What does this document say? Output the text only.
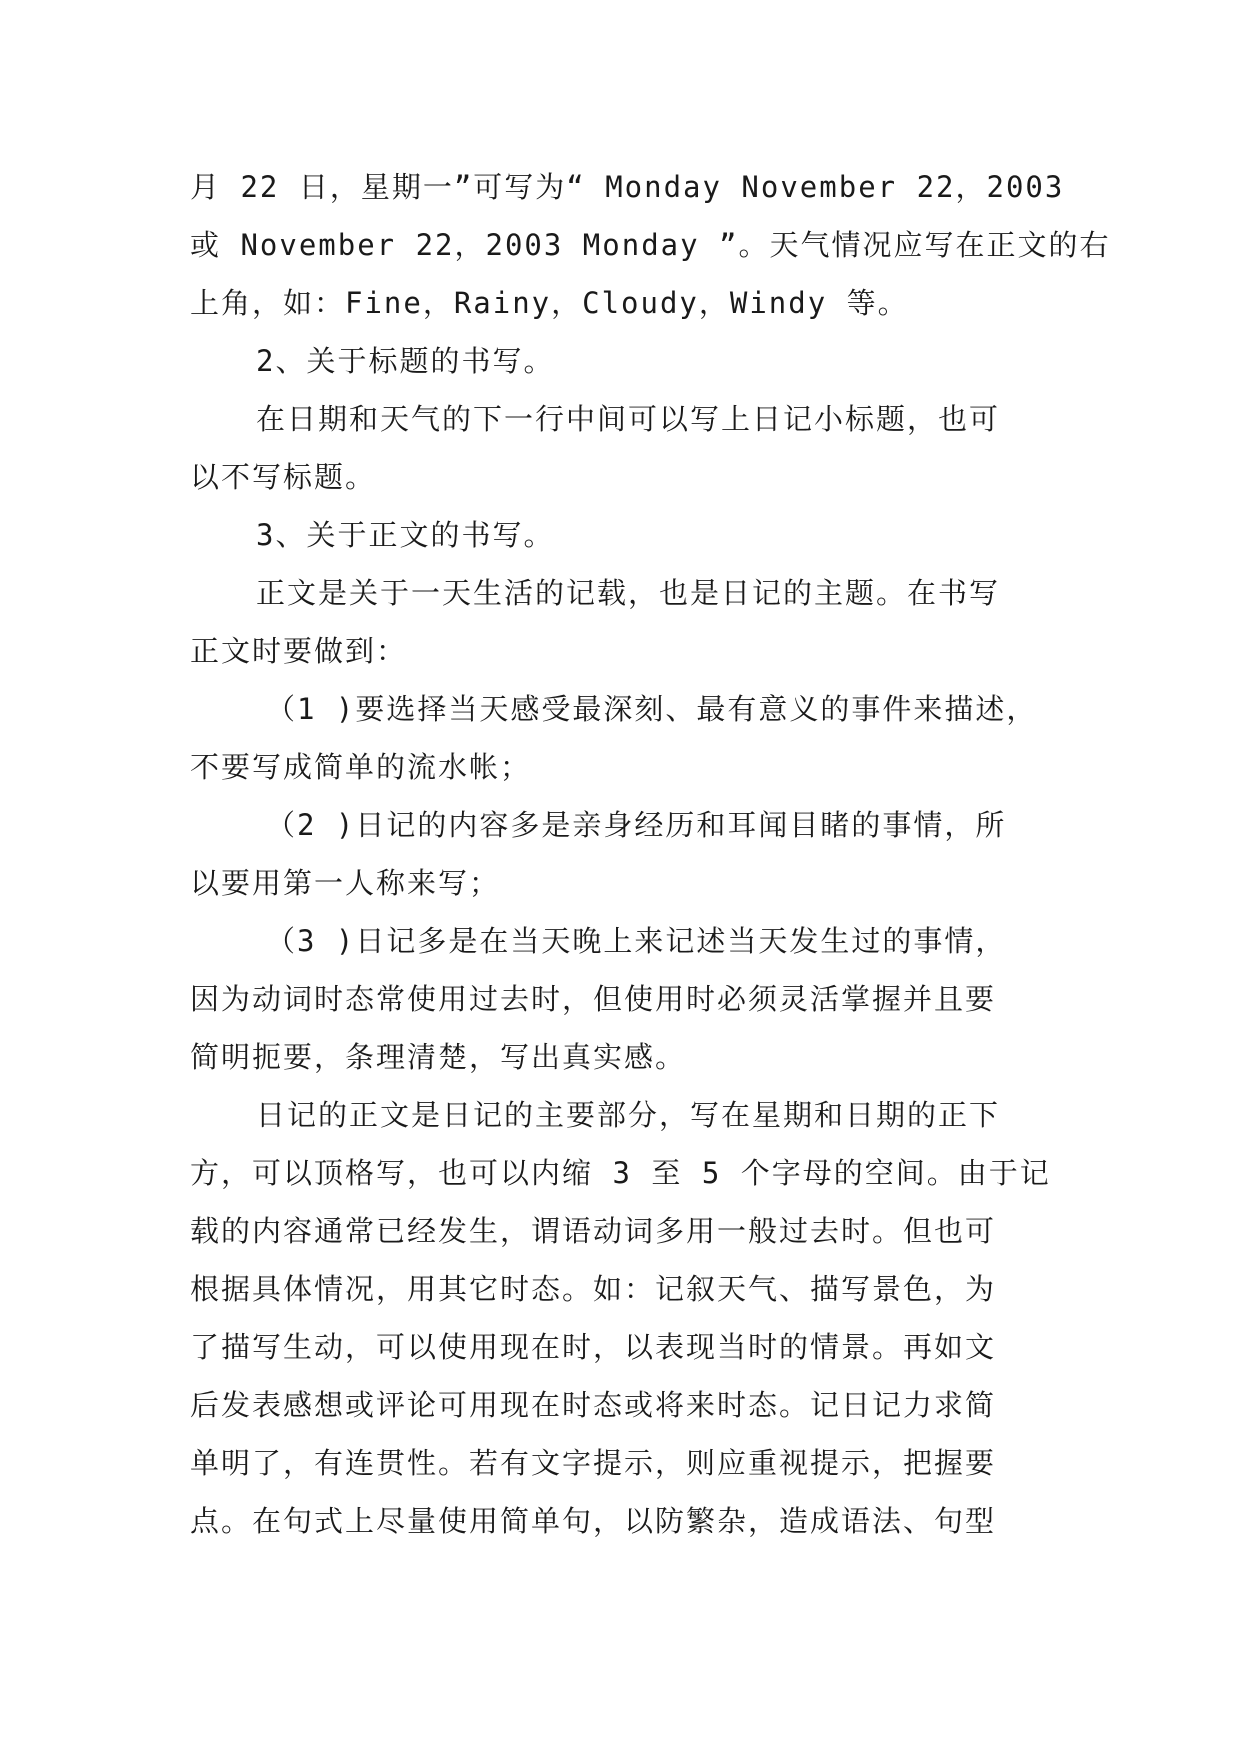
月 22 日，星期一”可写为“ Monday November 22，2003
或 November 22，2003 Monday ”。天气情况应写在正文的右
上角，如：Fine，Rainy，Cloudy，Windy 等。
2、关于标题的书写。
在日期和天气的下一行中间可以写上日记小标题，也可
以不写标题。
3、关于正文的书写。
正文是关于一天生活的记载，也是日记的主题。在书写
正文时要做到：
（1 )要选择当天感受最深刻、最有意义的事件来描述，
不要写成简单的流水帐；
（2 )日记的内容多是亲身经历和耳闻目睹的事情，所
以要用第一人称来写；
（3 )日记多是在当天晚上来记述当天发生过的事情，
因为动词时态常使用过去时，但使用时必须灵活掌握并且要
简明扼要，条理清楚，写出真实感。
日记的正文是日记的主要部分，写在星期和日期的正下
方，可以顶格写，也可以内缩 3 至 5 个字母的空间。由于记
载的内容通常已经发生，谓语动词多用一般过去时。但也可
根据具体情况，用其它时态。如：记叙天气、描写景色，为
了描写生动，可以使用现在时，以表现当时的情景。再如文
后发表感想或评论可用现在时态或将来时态。记日记力求简
单明了，有连贯性。若有文字提示，则应重视提示，把握要
点。在句式上尽量使用简单句，以防繁杂，造成语法、句型
